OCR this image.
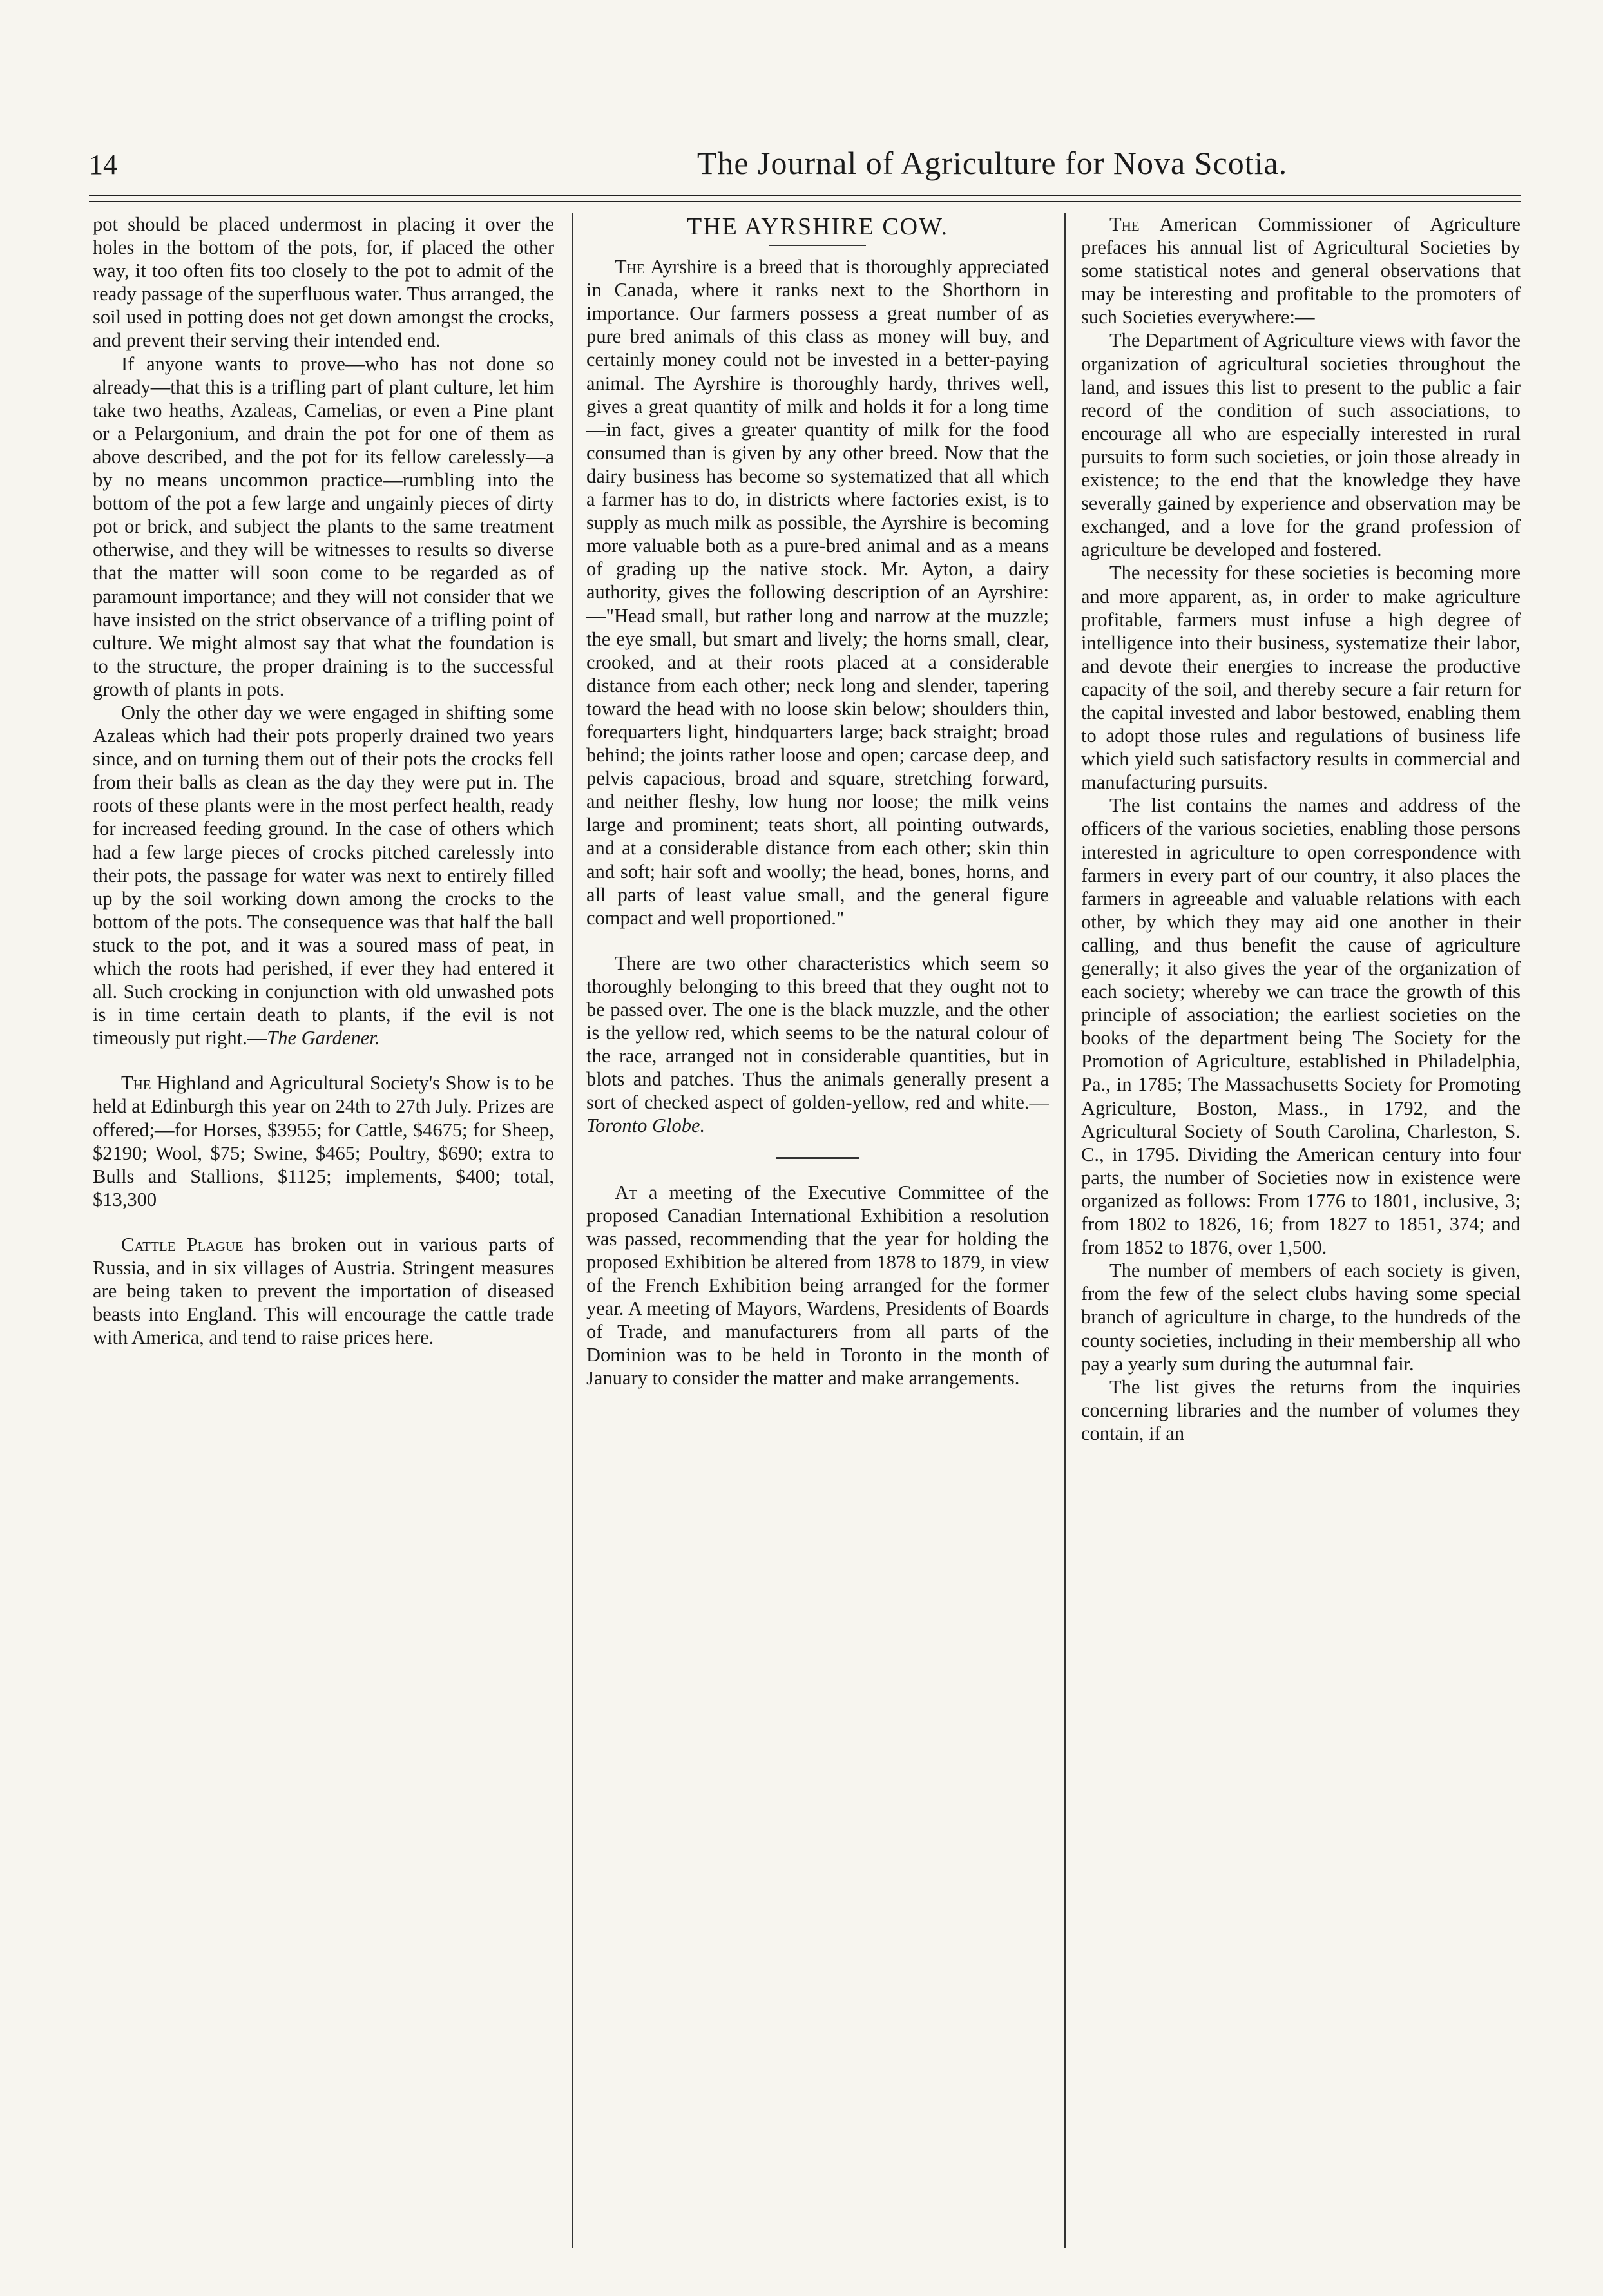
14	The Journal of Agriculture for Nova Scotia.

pot should be placed undermost in placing it over the holes in the bottom of the pots, for, if placed the other way, it too often fits too closely to the pot to admit of the ready passage of the superfluous water. Thus arranged, the soil used in potting does not get down amongst the crocks, and prevent their serving their intended end.

If anyone wants to prove—who has not done so already—that this is a trifling part of plant culture, let him take two heaths, Azaleas, Camelias, or even a Pine plant or a Pelargonium, and drain the pot for one of them as above described, and the pot for its fellow carelessly—a by no means uncommon practice—rumbling into the bottom of the pot a few large and ungainly pieces of dirty pot or brick, and subject the plants to the same treatment otherwise, and they will be witnesses to results so diverse that the matter will soon come to be regarded as of paramount importance; and they will not consider that we have insisted on the strict observance of a trifling point of culture. We might almost say that what the foundation is to the structure, the proper draining is to the successful growth of plants in pots.

Only the other day we were engaged in shifting some Azaleas which had their pots properly drained two years since, and on turning them out of their pots the crocks fell from their balls as clean as the day they were put in. The roots of these plants were in the most perfect health, ready for increased feeding ground. In the case of others which had a few large pieces of crocks pitched carelessly into their pots, the passage for water was next to entirely filled up by the soil working down among the crocks to the bottom of the pots. The consequence was that half the ball stuck to the pot, and it was a soured mass of peat, in which the roots had perished, if ever they had entered it all. Such crocking in conjunction with old unwashed pots is in time certain death to plants, if the evil is not timeously put right.—The Gardener.

The Highland and Agricultural Society's Show is to be held at Edinburgh this year on 24th to 27th July. Prizes are offered;—for Horses, $3955; for Cattle, $4675; for Sheep, $2190; Wool, $75; Swine, $465; Poultry, $690; extra to Bulls and Stallions, $1125; implements, $400; total, $13,300

Cattle Plague has broken out in various parts of Russia, and in six villages of Austria. Stringent measures are being taken to prevent the importation of diseased beasts into England. This will encourage the cattle trade with America, and tend to raise prices here.

THE AYRSHIRE COW.

The Ayrshire is a breed that is thoroughly appreciated in Canada, where it ranks next to the Shorthorn in importance. Our farmers possess a great number of as pure bred animals of this class as money will buy, and certainly money could not be invested in a better-paying animal. The Ayrshire is thoroughly hardy, thrives well, gives a great quantity of milk and holds it for a long time—in fact, gives a greater quantity of milk for the food consumed than is given by any other breed. Now that the dairy business has become so systematized that all which a farmer has to do, in districts where factories exist, is to supply as much milk as possible, the Ayrshire is becoming more valuable both as a pure-bred animal and as a means of grading up the native stock. Mr. Ayton, a dairy authority, gives the following description of an Ayrshire:—"Head small, but rather long and narrow at the muzzle; the eye small, but smart and lively; the horns small, clear, crooked, and at their roots placed at a considerable distance from each other; neck long and slender, tapering toward the head with no loose skin below; shoulders thin, forequarters light, hindquarters large; back straight; broad behind; the joints rather loose and open; carcase deep, and pelvis capacious, broad and square, stretching forward, and neither fleshy, low hung nor loose; the milk veins large and prominent; teats short, all pointing outwards, and at a considerable distance from each other; skin thin and soft; hair soft and woolly; the head, bones, horns, and all parts of least value small, and the general figure compact and well proportioned."

There are two other characteristics which seem so thoroughly belonging to this breed that they ought not to be passed over. The one is the black muzzle, and the other is the yellow red, which seems to be the natural colour of the race, arranged not in considerable quantities, but in blots and patches. Thus the animals generally present a sort of checked aspect of golden-yellow, red and white.—Toronto Globe.

At a meeting of the Executive Committee of the proposed Canadian International Exhibition a resolution was passed, recommending that the year for holding the proposed Exhibition be altered from 1878 to 1879, in view of the French Exhibition being arranged for the former year. A meeting of Mayors, Wardens, Presidents of Boards of Trade, and manufacturers from all parts of the Dominion was to be held in Toronto in the month of January to consider the matter and make arrangements.

The American Commissioner of Agriculture prefaces his annual list of Agricultural Societies by some statistical notes and general observations that may be interesting and profitable to the promoters of such Societies everywhere:—

The Department of Agriculture views with favor the organization of agricultural societies throughout the land, and issues this list to present to the public a fair record of the condition of such associations, to encourage all who are especially interested in rural pursuits to form such societies, or join those already in existence; to the end that the knowledge they have severally gained by experience and observation may be exchanged, and a love for the grand profession of agriculture be developed and fostered.

The necessity for these societies is becoming more and more apparent, as, in order to make agriculture profitable, farmers must infuse a high degree of intelligence into their business, systematize their labor, and devote their energies to increase the productive capacity of the soil, and thereby secure a fair return for the capital invested and labor bestowed, enabling them to adopt those rules and regulations of business life which yield such satisfactory results in commercial and manufacturing pursuits.

The list contains the names and address of the officers of the various societies, enabling those persons interested in agriculture to open correspondence with farmers in every part of our country, it also places the farmers in agreeable and valuable relations with each other, by which they may aid one another in their calling, and thus benefit the cause of agriculture generally; it also gives the year of the organization of each society; whereby we can trace the growth of this principle of association; the earliest societies on the books of the department being The Society for the Promotion of Agriculture, established in Philadelphia, Pa., in 1785; The Massachusetts Society for Promoting Agriculture, Boston, Mass., in 1792, and the Agricultural Society of South Carolina, Charleston, S. C., in 1795. Dividing the American century into four parts, the number of Societies now in existence were organized as follows: From 1776 to 1801, inclusive, 3; from 1802 to 1826, 16; from 1827 to 1851, 374; and from 1852 to 1876, over 1,500.

The number of members of each society is given, from the few of the select clubs having some special branch of agriculture in charge, to the hundreds of the county societies, including in their membership all who pay a yearly sum during the autumnal fair.

The list gives the returns from the inquiries concerning libraries and the number of volumes they contain, if an
